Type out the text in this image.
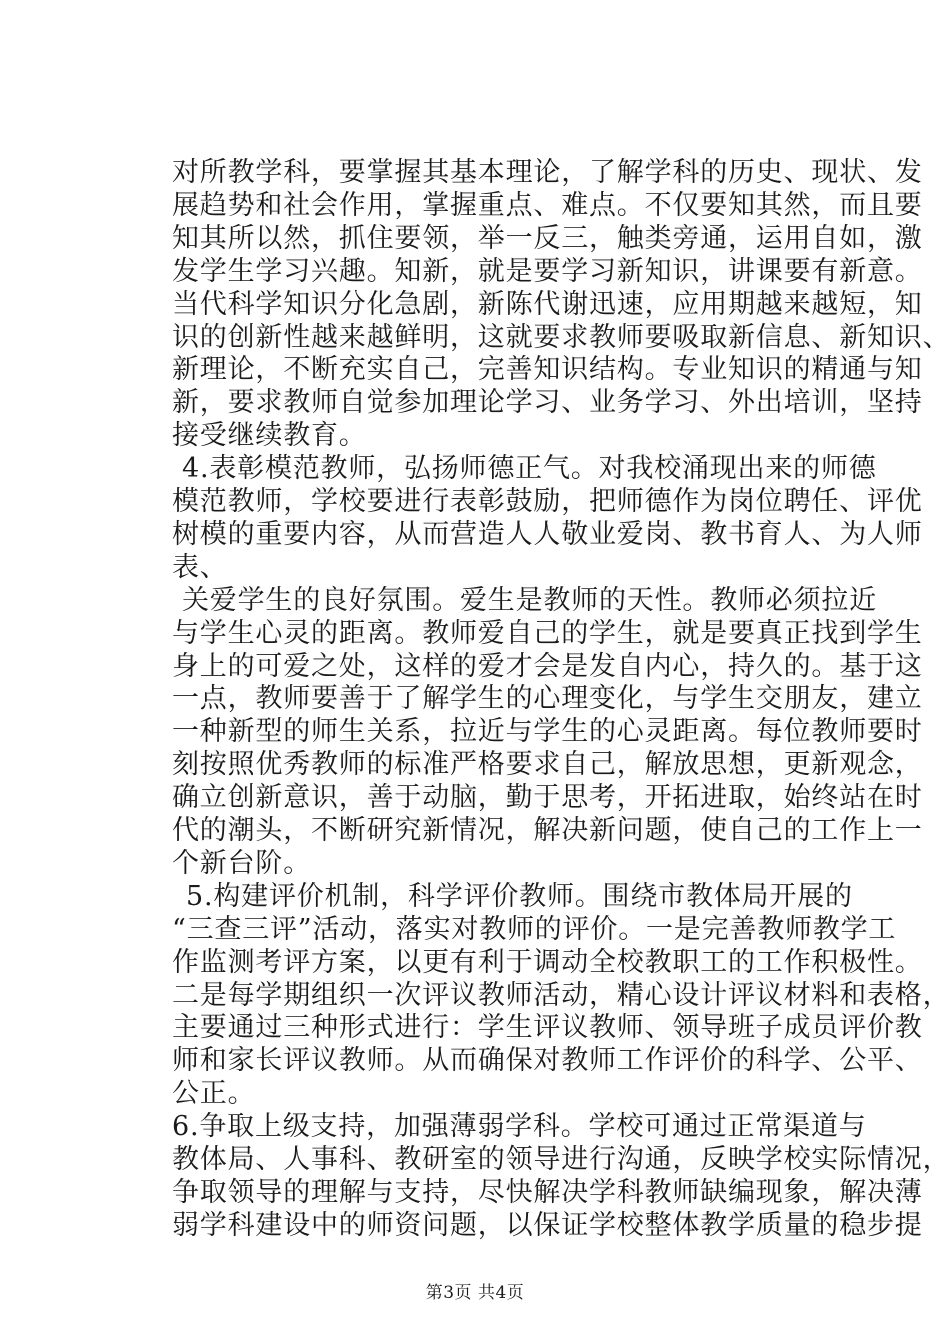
对所教学科，要掌握其基本理论，了解学科的历史、现状、发
展趋势和社会作用，掌握重点、难点。不仅要知其然，而且要
知其所以然，抓住要领，举一反三，触类旁通，运用自如，激
发学生学习兴趣。知新，就是要学习新知识，讲课要有新意。
当代科学知识分化急剧，新陈代谢迅速，应用期越来越短，知
识的创新性越来越鲜明，这就要求教师要吸取新信息、新知识、
新理论，不断充实自己，完善知识结构。专业知识的精通与知
新，要求教师自觉参加理论学习、业务学习、外出培训，坚持
接受继续教育。
4.表彰模范教师，弘扬师德正气。对我校涌现出来的师德
模范教师，学校要进行表彰鼓励，把师德作为岗位聘任、评优
树模的重要内容，从而营造人人敬业爱岗、教书育人、为人师
表、
关爱学生的良好氛围。爱生是教师的天性。教师必须拉近
与学生心灵的距离。教师爱自己的学生，就是要真正找到学生
身上的可爱之处，这样的爱才会是发自内心，持久的。基于这
一点，教师要善于了解学生的心理变化，与学生交朋友，建立
一种新型的师生关系，拉近与学生的心灵距离。每位教师要时
刻按照优秀教师的标准严格要求自己，解放思想，更新观念，
确立创新意识，善于动脑，勤于思考，开拓进取，始终站在时
代的潮头，不断研究新情况，解决新问题，使自己的工作上一
个新台阶。
5.构建评价机制，科学评价教师。围绕市教体局开展的
“三查三评”活动，落实对教师的评价。一是完善教师教学工
作监测考评方案，以更有利于调动全校教职工的工作积极性。
二是每学期组织一次评议教师活动，精心设计评议材料和表格，
主要通过三种形式进行：学生评议教师、领导班子成员评价教
师和家长评议教师。从而确保对教师工作评价的科学、公平、
公正。
6.争取上级支持，加强薄弱学科。学校可通过正常渠道与
教体局、人事科、教研室的领导进行沟通，反映学校实际情况，
争取领导的理解与支持，尽快解决学科教师缺编现象，解决薄
弱学科建设中的师资问题，以保证学校整体教学质量的稳步提
第3页 共4页
